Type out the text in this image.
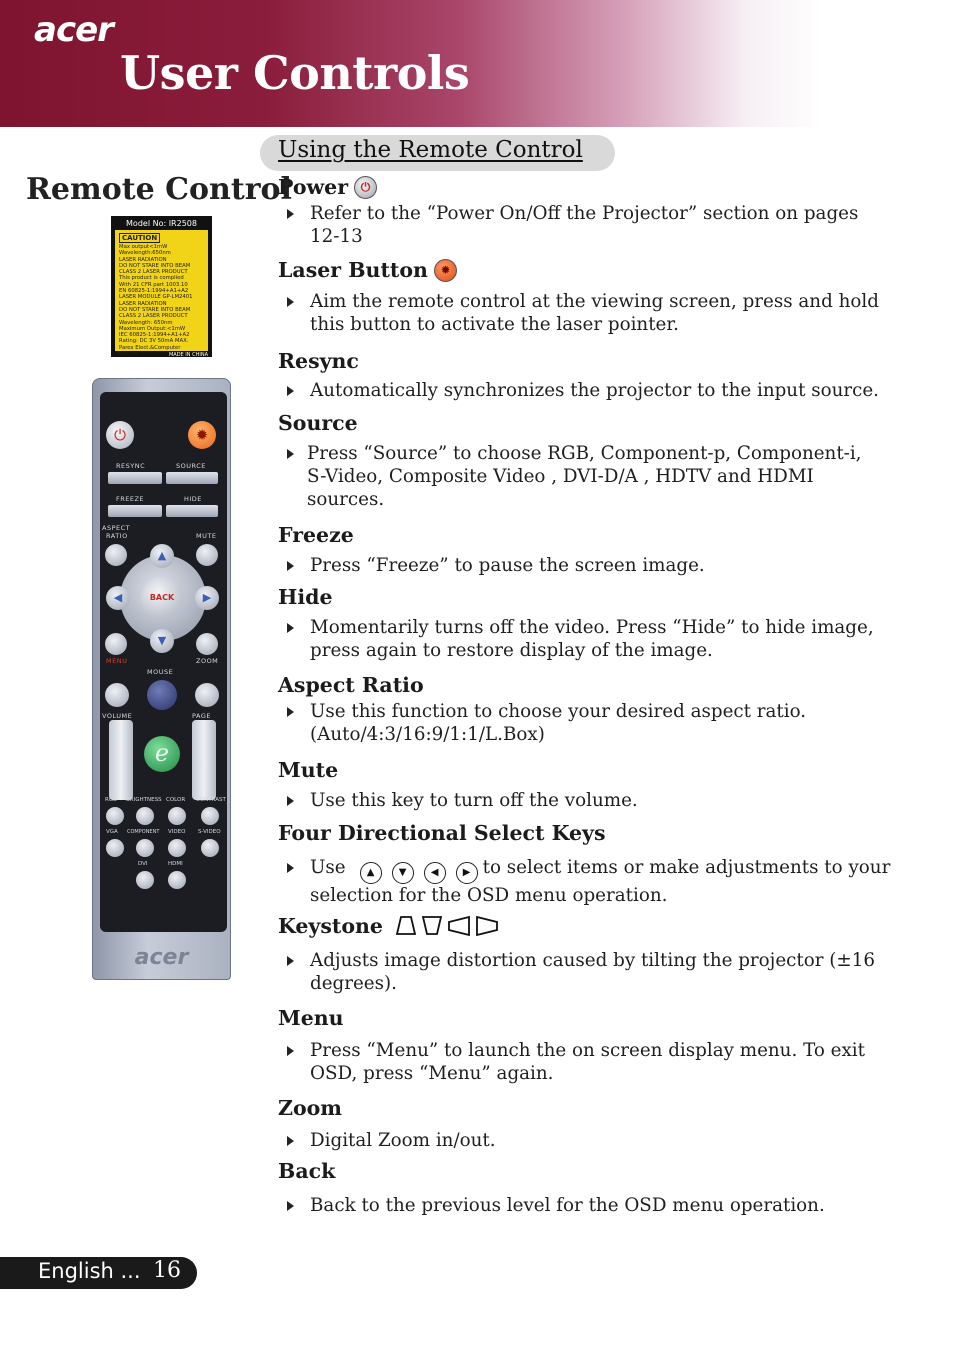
acer
User Controls
Using the Remote Control
Remote Control
Model No: IR2508
CAUTION
Max output<1mW
Wavelength:650nm
LASER RADIATION
DO NOT STARE INTO BEAM
CLASS 2 LASER PRODUCT
This product is complied
With 21 CFR part 1003.10
EN 60825-1:1994+A1+A2
LASER MODULE GP-LM2401
LASER RADIATION
DO NOT STARE INTO BEAM
CLASS 2 LASER PRODUCT
Wavelength: 650nm
Maximum Output:<1mW
IEC 60825-1:1994+A1+A2
Rating: DC 3V 50mA MAX.
Parex Elect.&Computer
CO.,Ltd	MADE IN CHINA
acer
⏻	✹
RESYNC	SOURCE
FREEZE	HIDE
ASPECT
RATIO	MUTE
▲
▼
◀	▶
BACK
MENU	ZOOM
MOUSE
VOLUME	PAGE
e
RGB BRIGHTNESS COLOR CONTRAST
VGA COMPONENT VIDEO S-VIDEO
DVI	HDMI
Power	⏻
Refer to the “Power On/Off the Projector” section on pages
12-13
Laser Button	✹
Aim the remote control at the viewing screen, press and hold
this button to activate the laser pointer.
Resync
Automatically synchronizes the projector to the input source.
Source
Press “Source” to choose RGB, Component-p, Component-i,
S-Video, Composite Video , DVI-D/A , HDTV and HDMI
sources.
Freeze
Press “Freeze” to pause the screen image.
Hide
Momentarily turns off the video. Press “Hide” to hide image,
press again to restore display of the image.
Aspect Ratio
Use this function to choose your desired aspect ratio.
(Auto/4:3/16:9/1:1/L.Box)
Mute
Use this key to turn off the volume.
Four Directional Select Keys
Use ▲ ▼ ◀ ▶ to select items or make adjustments to your
selection for the OSD menu operation.
Keystone
Adjusts image distortion caused by tilting the projector (±16
degrees).
Menu
Press “Menu” to launch the on screen display menu. To exit
OSD, press “Menu” again.
Zoom
Digital Zoom in/out.
Back
Back to the previous level for the OSD menu operation.
English ... 16
